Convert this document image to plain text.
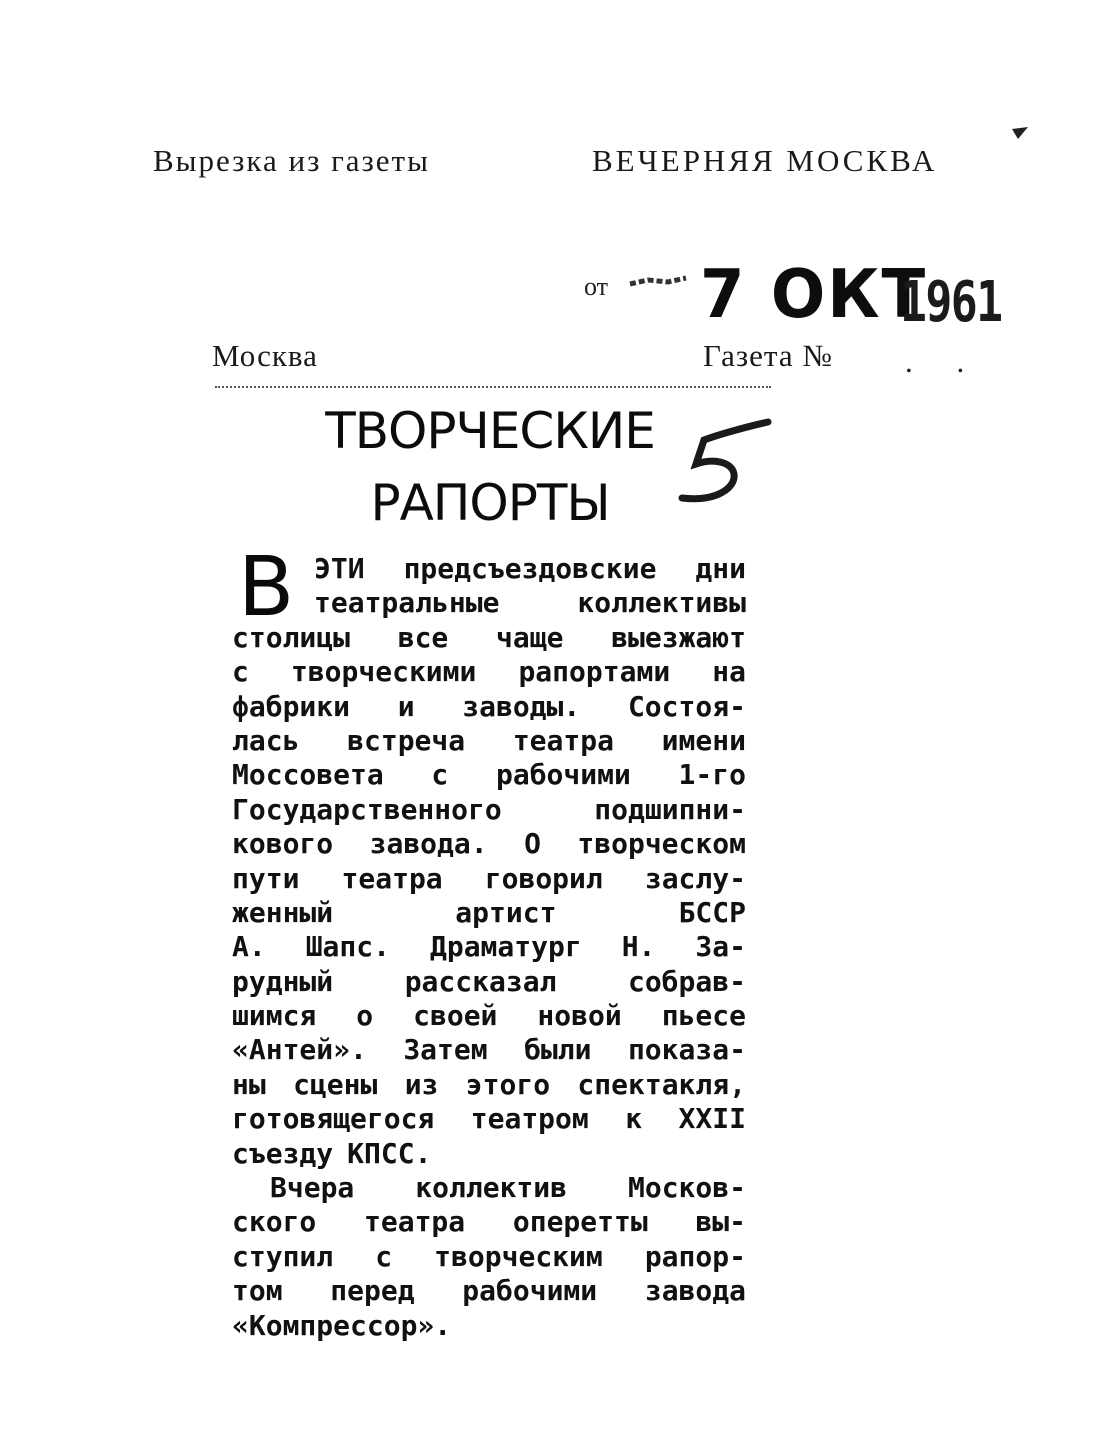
Вырезка из газеты	ВЕЧЕРНЯЯ МОСКВА
от 7 ОКТ
1961
Москва	Газета № . .
ТВОРЧЕСКИЕ
РАПОРТЫ
В ЭТИ предсъездовские дни
театральные	коллективы
столицы все чаще выезжают
с творческими рапортами на
фабрики и заводы. Состоя-
лась встреча театра имени
Моссовета с рабочими 1-го
Государственного	подшипни-
кового завода. О творческом
пути театра говорил заслу-
женный	артист	БССР
А. Шапс. Драматург Н. За-
рудный	рассказал	собрав-
шимся о своей новой пьесе
«Антей». Затем были показа-
ны сцены из этого спектакля,
готовящегося театром к XXII
съезду КПСС.
Вчера коллектив Москов-
ского театра оперетты вы-
ступил с творческим рапор-
том перед рабочими завода
«Компрессор».
